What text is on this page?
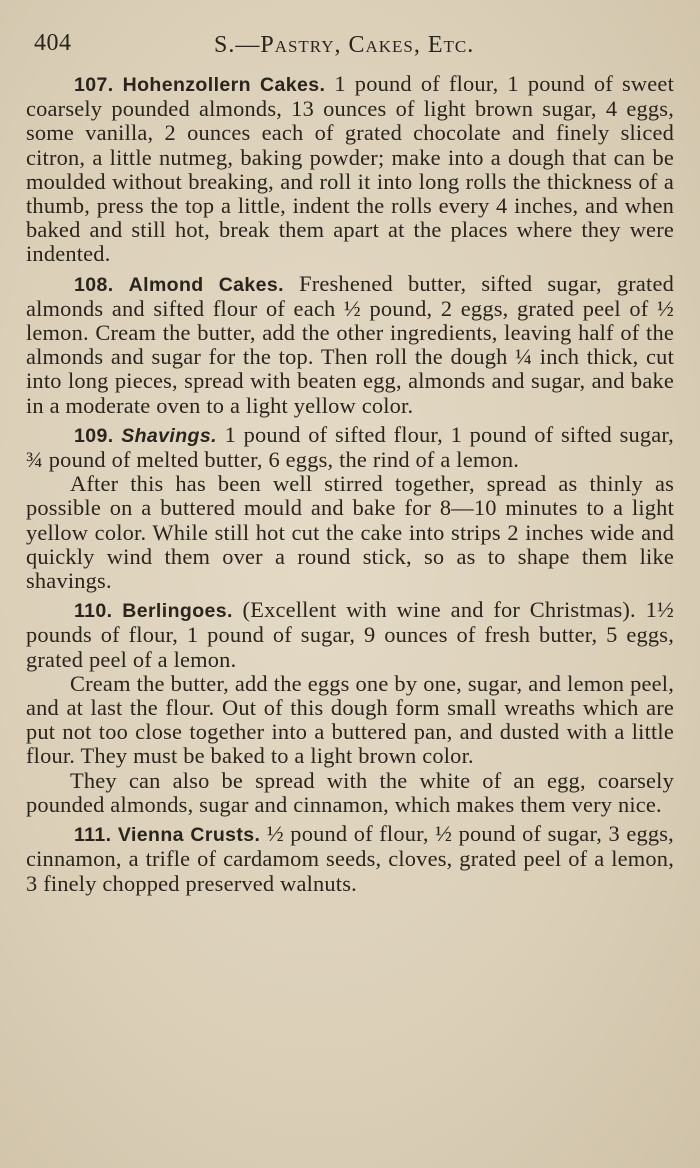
404	S.—Pastry, Cakes, Etc.

107. Hohenzollern Cakes. 1 pound of flour, 1 pound of sweet coarsely pounded almonds, 13 ounces of light brown sugar, 4 eggs, some vanilla, 2 ounces each of grated chocolate and finely sliced citron, a little nutmeg, baking powder; make into a dough that can be moulded without breaking, and roll it into long rolls the thickness of a thumb, press the top a little, indent the rolls every 4 inches, and when baked and still hot, break them apart at the places where they were indented.

108. Almond Cakes. Freshened butter, sifted sugar, grated almonds and sifted flour of each ½ pound, 2 eggs, grated peel of ½ lemon. Cream the butter, add the other ingredients, leaving half of the almonds and sugar for the top. Then roll the dough ¼ inch thick, cut into long pieces, spread with beaten egg, almonds and sugar, and bake in a moderate oven to a light yellow color.

109. Shavings. 1 pound of sifted flour, 1 pound of sifted sugar, ¾ pound of melted butter, 6 eggs, the rind of a lemon.

After this has been well stirred together, spread as thinly as possible on a buttered mould and bake for 8—10 minutes to a light yellow color. While still hot cut the cake into strips 2 inches wide and quickly wind them over a round stick, so as to shape them like shavings.

110. Berlingoes. (Excellent with wine and for Christmas). 1½ pounds of flour, 1 pound of sugar, 9 ounces of fresh butter, 5 eggs, grated peel of a lemon.

Cream the butter, add the eggs one by one, sugar, and lemon peel, and at last the flour. Out of this dough form small wreaths which are put not too close together into a buttered pan, and dusted with a little flour. They must be baked to a light brown color.

They can also be spread with the white of an egg, coarsely pounded almonds, sugar and cinnamon, which makes them very nice.

111. Vienna Crusts. ½ pound of flour, ½ pound of sugar, 3 eggs, cinnamon, a trifle of cardamom seeds, cloves, grated peel of a lemon, 3 finely chopped preserved walnuts.
